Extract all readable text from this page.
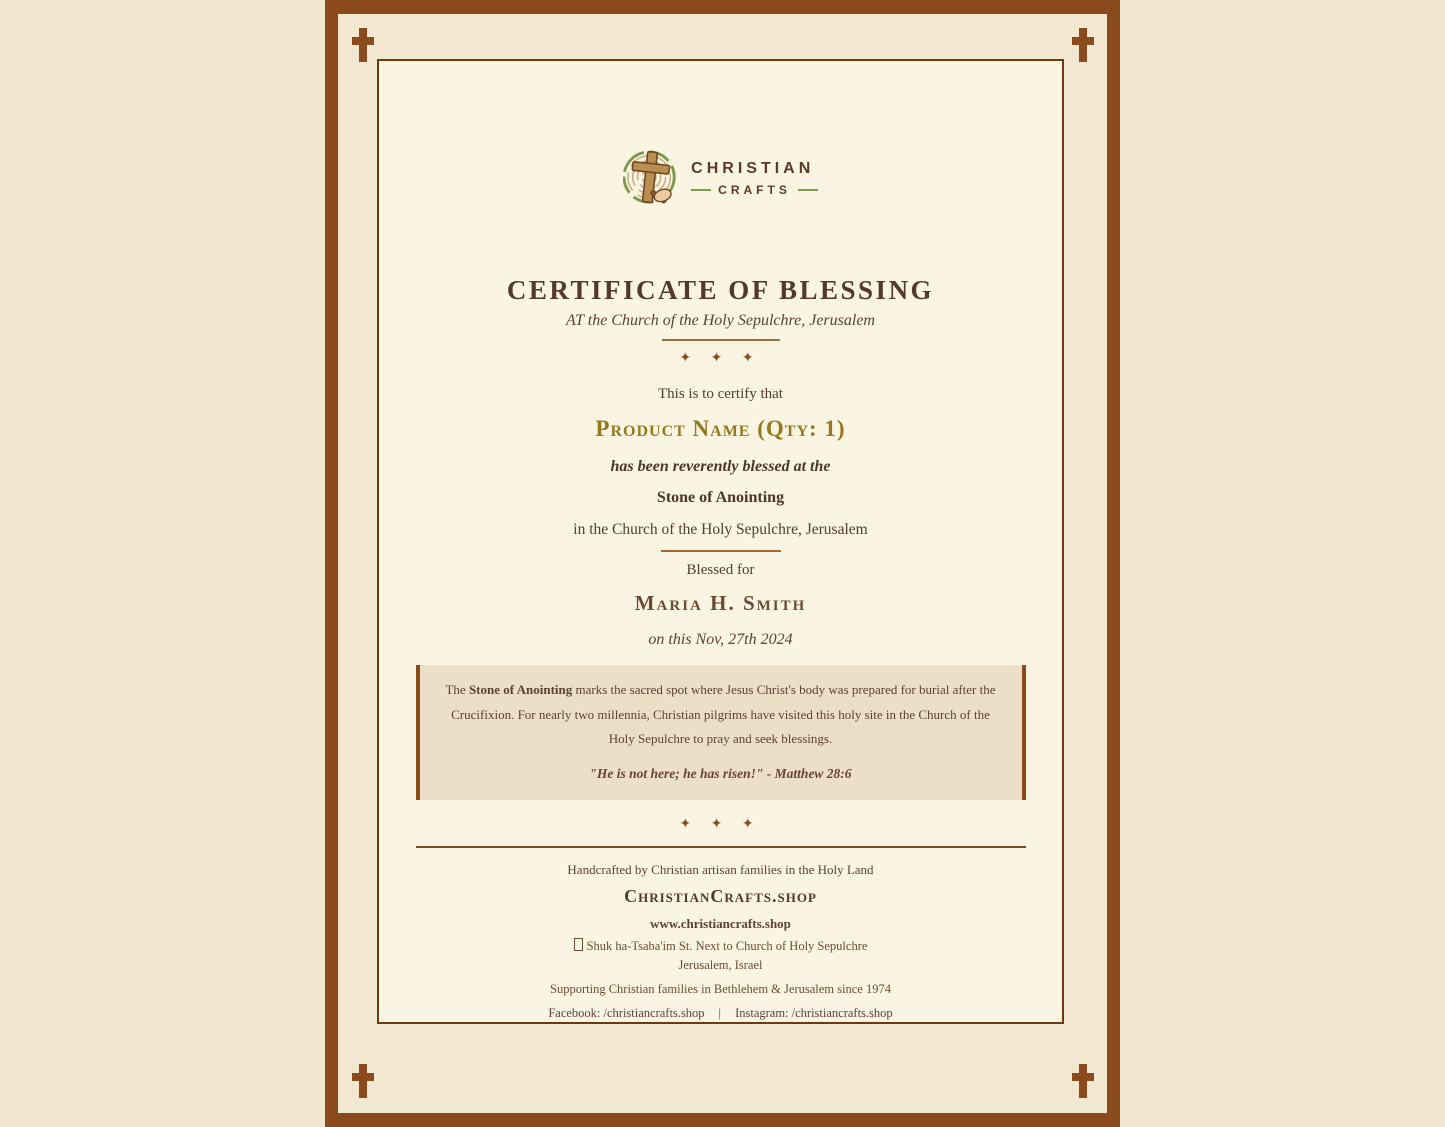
CHRISTIAN
CRAFTS
CERTIFICATE OF BLESSING
AT the Church of the Holy Sepulchre, Jerusalem
✦ ✦ ✦
This is to certify that
Product Name (Qty: 1)
has been reverently blessed at the
Stone of Anointing
in the Church of the Holy Sepulchre, Jerusalem
Blessed for
Maria H. Smith
on this Nov, 27th 2024
The Stone of Anointing marks the sacred spot where Jesus Christ's body was prepared for burial after the Crucifixion. For nearly two millennia, Christian pilgrims have visited this holy site in the Church of the Holy Sepulchre to pray and seek blessings.
"He is not here; he has risen!" - Matthew 28:6
✦ ✦ ✦
Handcrafted by Christian artisan families in the Holy Land
ChristianCrafts.shop
www.christiancrafts.shop
Shuk ha-Tsaba'im St. Next to Church of Holy Sepulchre
Jerusalem, Israel
Supporting Christian families in Bethlehem & Jerusalem since 1974
Facebook: /christiancrafts.shop | Instagram: /christiancrafts.shop
